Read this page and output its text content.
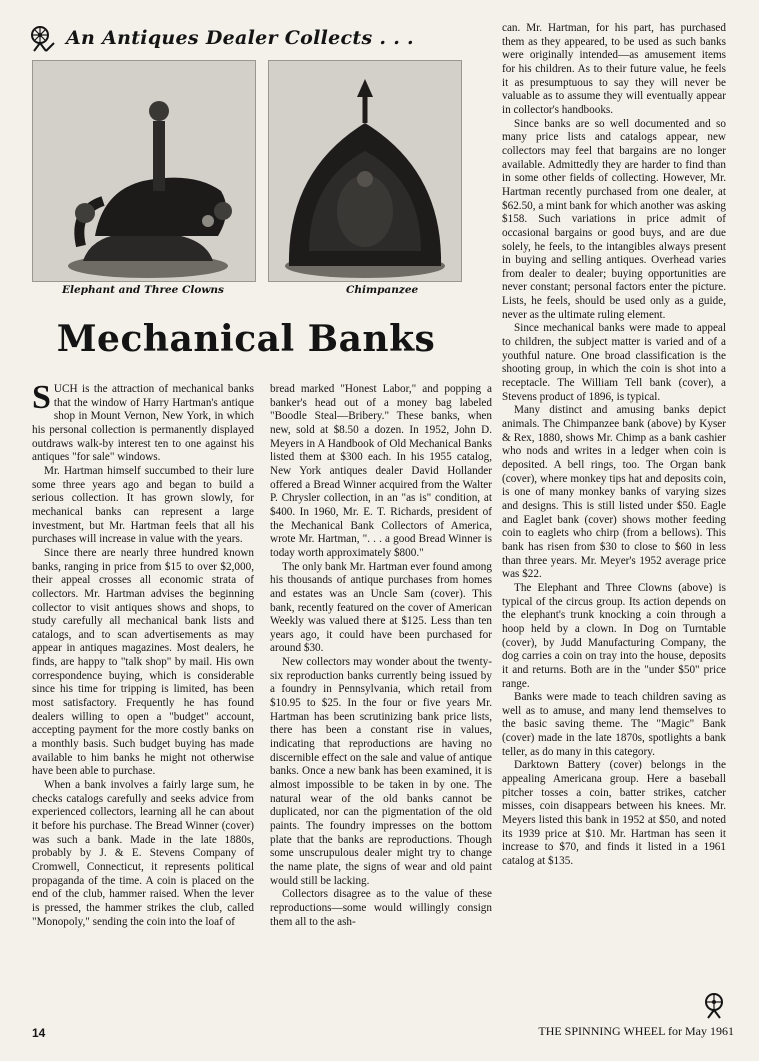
An Antiques Dealer Collects . . .
Elephant and Three Clowns	Chimpanzee
Mechanical Banks

SUCH is the attraction of mechanical banks that the window of Harry Hartman's antique shop in Mount Vernon, New York, in which his personal collection is permanently displayed outdraws walk-by interest ten to one against his antiques "for sale" windows.

Mr. Hartman himself succumbed to their lure some three years ago and began to build a serious collection. It has grown slowly, for mechanical banks can represent a large investment, but Mr. Hartman feels that all his purchases will increase in value with the years.

Since there are nearly three hundred known banks, ranging in price from $15 to over $2,000, their appeal crosses all economic strata of collectors. Mr. Hartman advises the beginning collector to visit antiques shows and shops, to study carefully all mechanical bank lists and catalogs, and to scan advertisements as may appear in antiques magazines. Most dealers, he finds, are happy to "talk shop" by mail. His own correspondence buying, which is considerable since his time for tripping is limited, has been most satisfactory. Frequently he has found dealers willing to open a "budget" account, accepting payment for the more costly banks on a monthly basis. Such budget buying has made available to him banks he might not otherwise have been able to purchase.

When a bank involves a fairly large sum, he checks catalogs carefully and seeks advice from experienced collectors, learning all he can about it before his purchase. The Bread Winner (cover) was such a bank. Made in the late 1880s, probably by J. & E. Stevens Company of Cromwell, Connecticut, it represents political propaganda of the time. A coin is placed on the end of the club, hammer raised. When the lever is pressed, the hammer strikes the club, called "Monopoly," sending the coin into the loaf of

bread marked "Honest Labor," and popping a banker's head out of a money bag labeled "Boodle Steal—Bribery." These banks, when new, sold at $8.50 a dozen. In 1952, John D. Meyers in A Handbook of Old Mechanical Banks listed them at $300 each. In his 1955 catalog, New York antiques dealer David Hollander offered a Bread Winner acquired from the Walter P. Chrysler collection, in an "as is" condition, at $400. In 1960, Mr. E. T. Richards, president of the Mechanical Bank Collectors of America, wrote Mr. Hartman, ". . . a good Bread Winner is today worth approximately $800."

The only bank Mr. Hartman ever found among his thousands of antique purchases from homes and estates was an Uncle Sam (cover). This bank, recently featured on the cover of American Weekly was valued there at $125. Less than ten years ago, it could have been purchased for around $30.

New collectors may wonder about the twenty-six reproduction banks currently being issued by a foundry in Pennsylvania, which retail from $10.95 to $25. In the four or five years Mr. Hartman has been scrutinizing bank price lists, there has been a constant rise in values, indicating that reproductions are having no discernible effect on the sale and value of antique banks. Once a new bank has been examined, it is almost impossible to be taken in by one. The natural wear of the old banks cannot be duplicated, nor can the pigmentation of the old paints. The foundry impresses on the bottom plate that the banks are reproductions. Though some unscrupulous dealer might try to change the name plate, the signs of wear and old paint would still be lacking.

Collectors disagree as to the value of these reproductions—some would willingly consign them all to the ash-

can. Mr. Hartman, for his part, has purchased them as they appeared, to be used as such banks were originally intended—as amusement items for his children. As to their future value, he feels it as presumptuous to say they will never be valuable as to assume they will eventually appear in collector's handbooks.

Since banks are so well documented and so many price lists and catalogs appear, new collectors may feel that bargains are no longer available. Admittedly they are harder to find than in some other fields of collecting. However, Mr. Hartman recently purchased from one dealer, at $62.50, a mint bank for which another was asking $158. Such variations in price admit of occasional bargains or good buys, and are due solely, he feels, to the intangibles always present in buying and selling antiques. Overhead varies from dealer to dealer; buying opportunities are never constant; personal factors enter the picture. Lists, he feels, should be used only as a guide, never as the ultimate ruling element.

Since mechanical banks were made to appeal to children, the subject matter is varied and of a youthful nature. One broad classification is the shooting group, in which the coin is shot into a receptacle. The William Tell bank (cover), a Stevens product of 1896, is typical.

Many distinct and amusing banks depict animals. The Chimpanzee bank (above) by Kyser & Rex, 1880, shows Mr. Chimp as a bank cashier who nods and writes in a ledger when coin is deposited. A bell rings, too. The Organ bank (cover), where monkey tips hat and deposits coin, is one of many monkey banks of varying sizes and designs. This is still listed under $50. Eagle and Eaglet bank (cover) shows mother feeding coin to eaglets who chirp (from a bellows). This bank has risen from $30 to close to $60 in less than three years. Mr. Meyer's 1952 average price was $22.

The Elephant and Three Clowns (above) is typical of the circus group. Its action depends on the elephant's trunk knocking a coin through a hoop held by a clown. In Dog on Turntable (cover), by Judd Manufacturing Company, the dog carries a coin on tray into the house, deposits it and returns. Both are in the "under $50" price range.

Banks were made to teach children saving as well as to amuse, and many lend themselves to the basic saving theme. The "Magic" Bank (cover) made in the late 1870s, spotlights a bank teller, as do many in this category.

Darktown Battery (cover) belongs in the appealing Americana group. Here a baseball pitcher tosses a coin, batter strikes, catcher misses, coin disappears between his knees. Mr. Meyers listed this bank in 1952 at $50, and noted its 1939 price at $10. Mr. Hartman has seen it increase to $70, and finds it listed in a 1961 catalog at $135.

14	THE SPINNING WHEEL for May 1961
